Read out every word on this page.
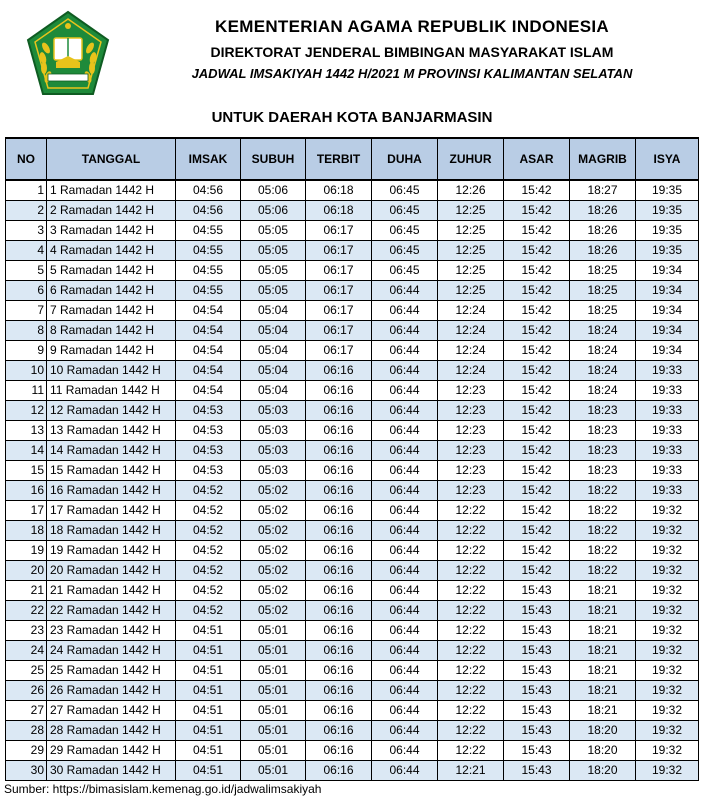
KEMENTERIAN AGAMA REPUBLIK INDONESIA
DIREKTORAT JENDERAL BIMBINGAN MASYARAKAT ISLAM
JADWAL IMSAKIYAH 1442 H/2021 M PROVINSI KALIMANTAN SELATAN
UNTUK DAERAH KOTA BANJARMASIN
NO	TANGGAL	IMSAK	SUBUH	TERBIT	DUHA	ZUHUR	ASAR	MAGRIB	ISYA
1	1 Ramadan 1442 H	04:56	05:06	06:18	06:45	12:26	15:42	18:27	19:35
2	2 Ramadan 1442 H	04:56	05:06	06:18	06:45	12:25	15:42	18:26	19:35
3	3 Ramadan 1442 H	04:55	05:05	06:17	06:45	12:25	15:42	18:26	19:35
4	4 Ramadan 1442 H	04:55	05:05	06:17	06:45	12:25	15:42	18:26	19:35
5	5 Ramadan 1442 H	04:55	05:05	06:17	06:45	12:25	15:42	18:25	19:34
6	6 Ramadan 1442 H	04:55	05:05	06:17	06:44	12:25	15:42	18:25	19:34
7	7 Ramadan 1442 H	04:54	05:04	06:17	06:44	12:24	15:42	18:25	19:34
8	8 Ramadan 1442 H	04:54	05:04	06:17	06:44	12:24	15:42	18:24	19:34
9	9 Ramadan 1442 H	04:54	05:04	06:17	06:44	12:24	15:42	18:24	19:34
10	10 Ramadan 1442 H	04:54	05:04	06:16	06:44	12:24	15:42	18:24	19:33
11	11 Ramadan 1442 H	04:54	05:04	06:16	06:44	12:23	15:42	18:24	19:33
12	12 Ramadan 1442 H	04:53	05:03	06:16	06:44	12:23	15:42	18:23	19:33
13	13 Ramadan 1442 H	04:53	05:03	06:16	06:44	12:23	15:42	18:23	19:33
14	14 Ramadan 1442 H	04:53	05:03	06:16	06:44	12:23	15:42	18:23	19:33
15	15 Ramadan 1442 H	04:53	05:03	06:16	06:44	12:23	15:42	18:23	19:33
16	16 Ramadan 1442 H	04:52	05:02	06:16	06:44	12:23	15:42	18:22	19:33
17	17 Ramadan 1442 H	04:52	05:02	06:16	06:44	12:22	15:42	18:22	19:32
18	18 Ramadan 1442 H	04:52	05:02	06:16	06:44	12:22	15:42	18:22	19:32
19	19 Ramadan 1442 H	04:52	05:02	06:16	06:44	12:22	15:42	18:22	19:32
20	20 Ramadan 1442 H	04:52	05:02	06:16	06:44	12:22	15:42	18:22	19:32
21	21 Ramadan 1442 H	04:52	05:02	06:16	06:44	12:22	15:43	18:21	19:32
22	22 Ramadan 1442 H	04:52	05:02	06:16	06:44	12:22	15:43	18:21	19:32
23	23 Ramadan 1442 H	04:51	05:01	06:16	06:44	12:22	15:43	18:21	19:32
24	24 Ramadan 1442 H	04:51	05:01	06:16	06:44	12:22	15:43	18:21	19:32
25	25 Ramadan 1442 H	04:51	05:01	06:16	06:44	12:22	15:43	18:21	19:32
26	26 Ramadan 1442 H	04:51	05:01	06:16	06:44	12:22	15:43	18:21	19:32
27	27 Ramadan 1442 H	04:51	05:01	06:16	06:44	12:22	15:43	18:21	19:32
28	28 Ramadan 1442 H	04:51	05:01	06:16	06:44	12:22	15:43	18:20	19:32
29	29 Ramadan 1442 H	04:51	05:01	06:16	06:44	12:22	15:43	18:20	19:32
30	30 Ramadan 1442 H	04:51	05:01	06:16	06:44	12:21	15:43	18:20	19:32
Sumber: https://bimasislam.kemenag.go.id/jadwalimsakiyah
